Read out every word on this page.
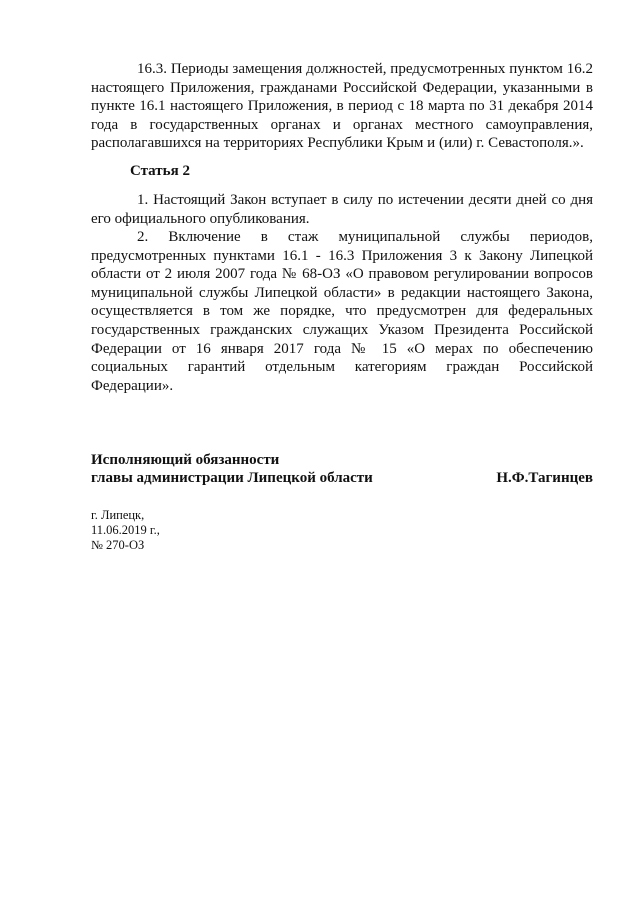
16.3. Периоды замещения должностей, предусмотренных пунктом 16.2 настоящего Приложения, гражданами Российской Федерации, указанными в пункте 16.1 настоящего Приложения, в период с 18 марта по 31 декабря 2014 года в государственных органах и органах местного самоуправления, располагавшихся на территориях Республики Крым и (или) г. Севастополя.».

Статья 2

1. Настоящий Закон вступает в силу по истечении десяти дней со дня его официального опубликования.

2. Включение в стаж муниципальной службы периодов, предусмотренных пунктами 16.1 - 16.3 Приложения 3 к Закону Липецкой области от 2 июля 2007 года № 68-ОЗ «О правовом регулировании вопросов муниципальной службы Липецкой области» в редакции настоящего Закона, осуществляется в том же порядке, что предусмотрен для федеральных государственных гражданских служащих Указом Президента Российской Федерации от 16 января 2017 года № 15 «О мерах по обеспечению социальных гарантий отдельным категориям граждан Российской Федерации».

Исполняющий обязанности
главы администрации Липецкой области	Н.Ф.Тагинцев
г. Липецк,
11.06.2019 г.,
№ 270-ОЗ
